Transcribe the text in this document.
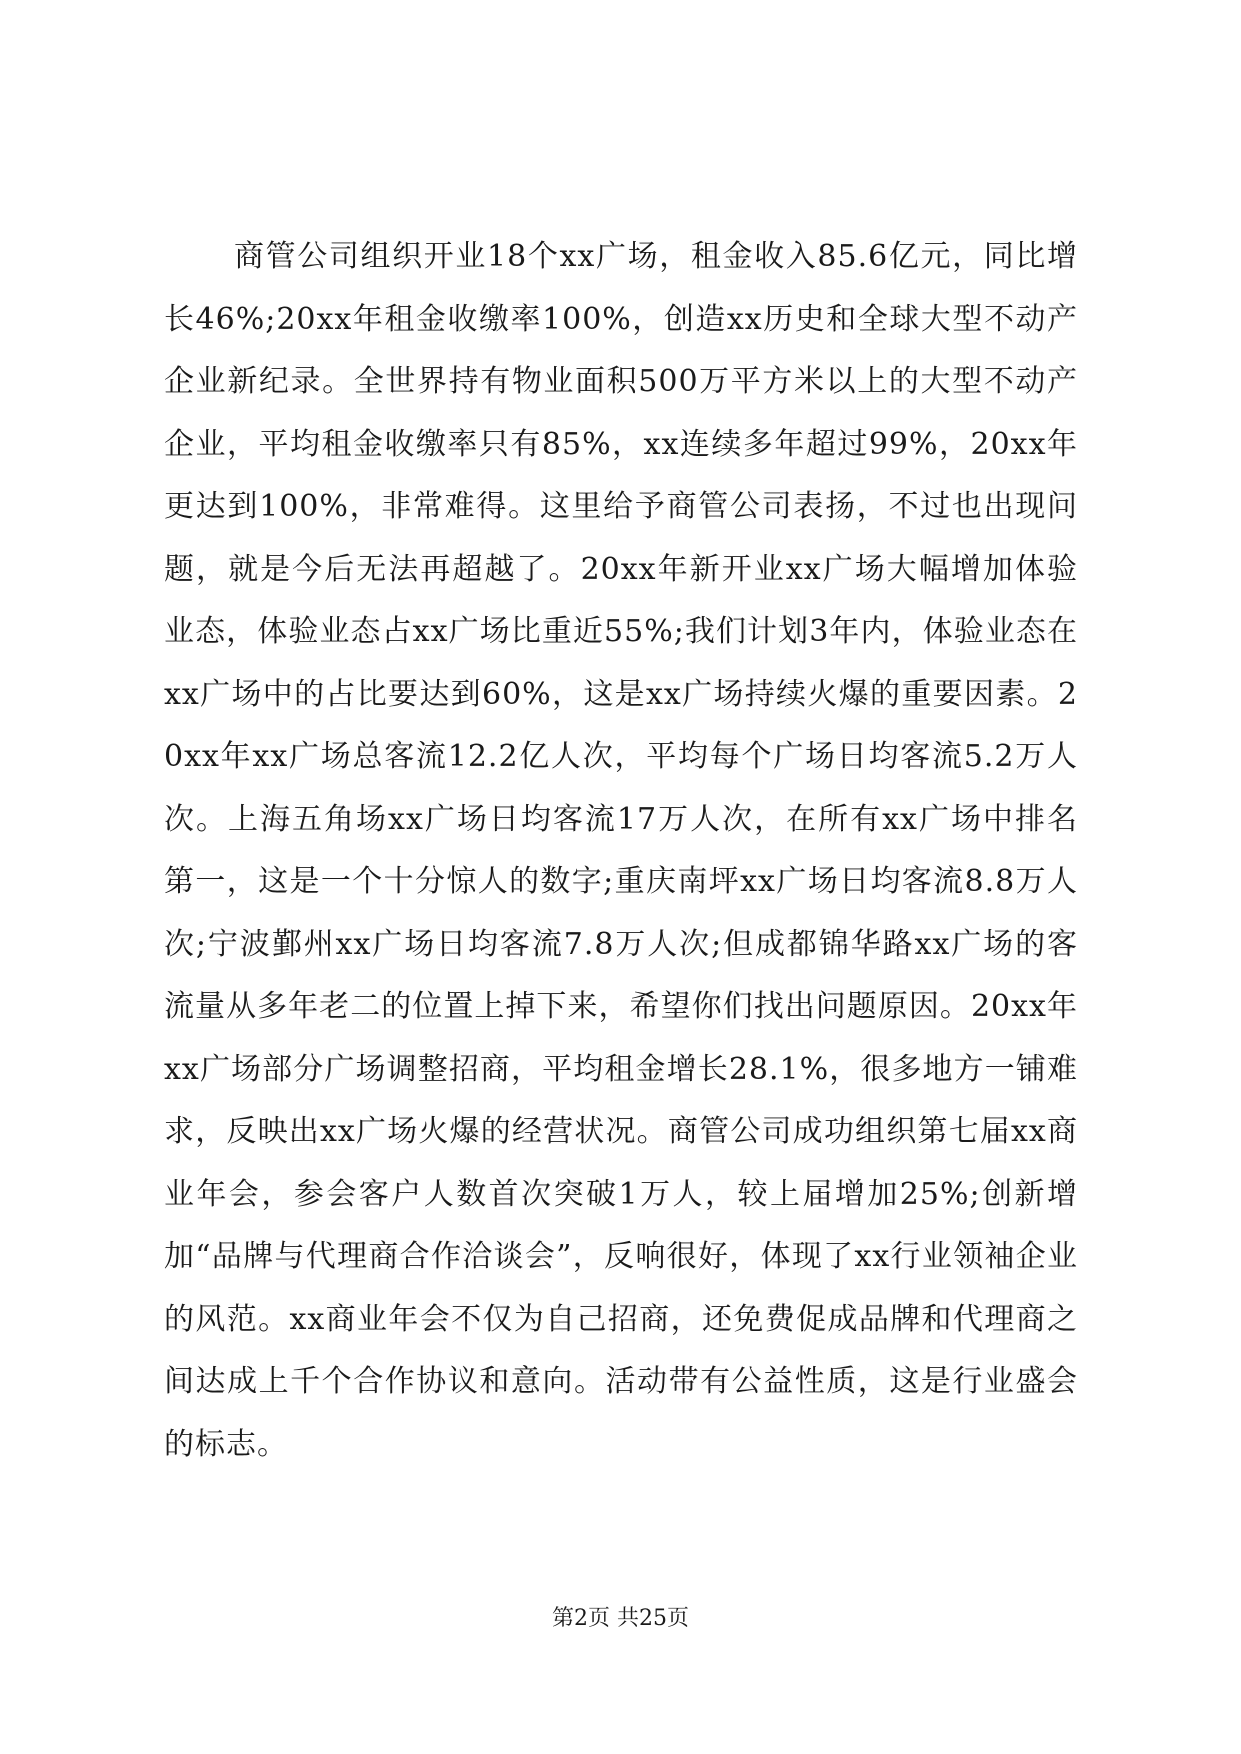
商管公司组织开业18个xx广场，租金收入85.6亿元，同比增长46%;20xx年租金收缴率100%，创造xx历史和全球大型不动产企业新纪录。全世界持有物业面积500万平方米以上的大型不动产企业，平均租金收缴率只有85%，xx连续多年超过99%，20xx年更达到100%，非常难得。这里给予商管公司表扬，不过也出现问题，就是今后无法再超越了。20xx年新开业xx广场大幅增加体验业态，体验业态占xx广场比重近55%;我们计划3年内，体验业态在xx广场中的占比要达到60%，这是xx广场持续火爆的重要因素。20xx年xx广场总客流12.2亿人次，平均每个广场日均客流5.2万人次。上海五角场xx广场日均客流17万人次，在所有xx广场中排名第一，这是一个十分惊人的数字;重庆南坪xx广场日均客流8.8万人次;宁波鄞州xx广场日均客流7.8万人次;但成都锦华路xx广场的客流量从多年老二的位置上掉下来，希望你们找出问题原因。20xx年xx广场部分广场调整招商，平均租金增长28.1%，很多地方一铺难求，反映出xx广场火爆的经营状况。商管公司成功组织第七届xx商业年会，参会客户人数首次突破1万人，较上届增加25%;创新增加“品牌与代理商合作洽谈会”，反响很好，体现了xx行业领袖企业的风范。xx商业年会不仅为自己招商，还免费促成品牌和代理商之间达成上千个合作协议和意向。活动带有公益性质，这是行业盛会的标志。

第2页 共25页
